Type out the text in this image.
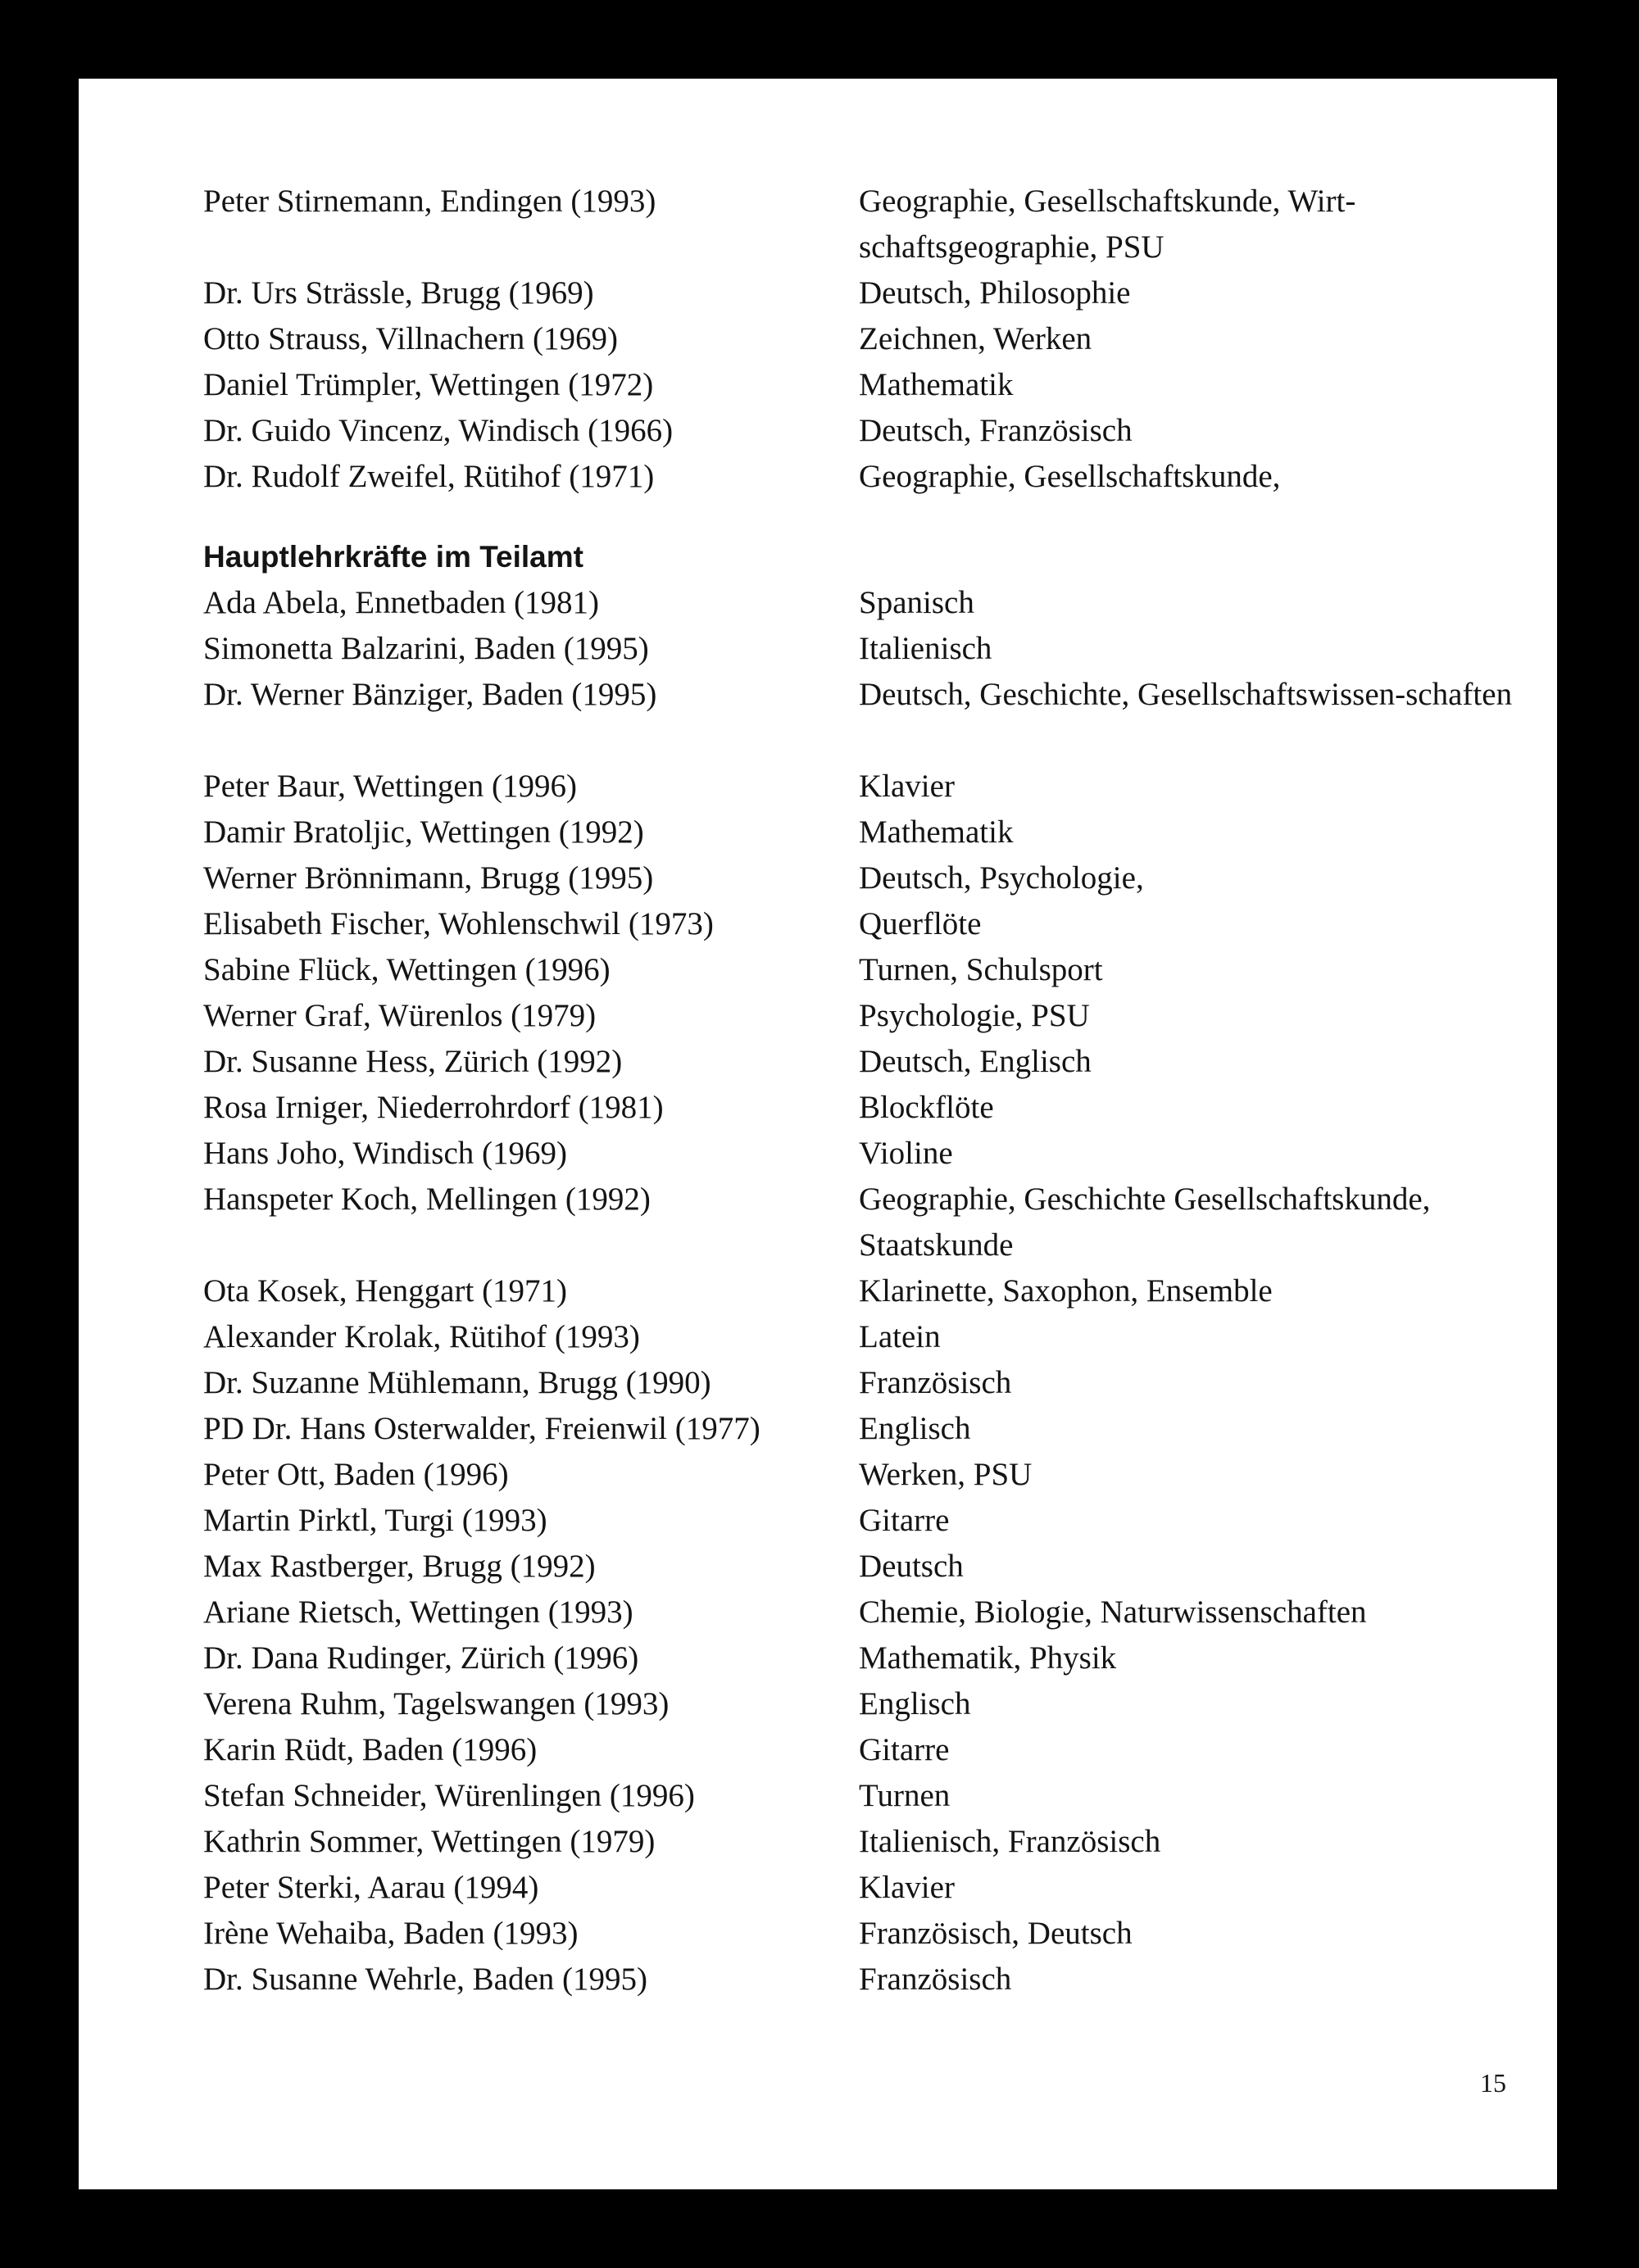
Peter Stirnemann, Endingen (1993)	Geographie, Gesellschaftskunde, Wirt-schaftsgeographie, PSU
Dr. Urs Strässle, Brugg (1969)	Deutsch, Philosophie
Otto Strauss, Villnachern (1969)	Zeichnen, Werken
Daniel Trümpler, Wettingen (1972)	Mathematik
Dr. Guido Vincenz, Windisch (1966)	Deutsch, Französisch
Dr. Rudolf Zweifel, Rütihof (1971)	Geographie, Gesellschaftskunde,
Hauptlehrkräfte im Teilamt
Ada Abela, Ennetbaden (1981)	Spanisch
Simonetta Balzarini, Baden (1995)	Italienisch
Dr. Werner Bänziger, Baden (1995)	Deutsch, Geschichte, Gesellschaftswissen-schaften
Peter Baur, Wettingen (1996)	Klavier
Damir Bratoljic, Wettingen (1992)	Mathematik
Werner Brönnimann, Brugg (1995)	Deutsch, Psychologie,
Elisabeth Fischer, Wohlenschwil (1973)	Querflöte
Sabine Flück, Wettingen (1996)	Turnen, Schulsport
Werner Graf, Würenlos (1979)	Psychologie, PSU
Dr. Susanne Hess, Zürich (1992)	Deutsch, Englisch
Rosa Irniger, Niederrohrdorf (1981)	Blockflöte
Hans Joho, Windisch (1969)	Violine
Hanspeter Koch, Mellingen (1992)	Geographie, Geschichte Gesellschaftskunde, Staatskunde
Ota Kosek, Henggart (1971)	Klarinette, Saxophon, Ensemble
Alexander Krolak, Rütihof (1993)	Latein
Dr. Suzanne Mühlemann, Brugg (1990)	Französisch
PD Dr. Hans Osterwalder, Freienwil (1977)	Englisch
Peter Ott, Baden (1996)	Werken, PSU
Martin Pirktl, Turgi (1993)	Gitarre
Max Rastberger, Brugg (1992)	Deutsch
Ariane Rietsch, Wettingen (1993)	Chemie, Biologie, Naturwissenschaften
Dr. Dana Rudinger, Zürich (1996)	Mathematik, Physik
Verena Ruhm, Tagelswangen (1993)	Englisch
Karin Rüdt, Baden (1996)	Gitarre
Stefan Schneider, Würenlingen (1996)	Turnen
Kathrin Sommer, Wettingen (1979)	Italienisch, Französisch
Peter Sterki, Aarau (1994)	Klavier
Irène Wehaiba, Baden (1993)	Französisch, Deutsch
Dr. Susanne Wehrle, Baden (1995)	Französisch
15
